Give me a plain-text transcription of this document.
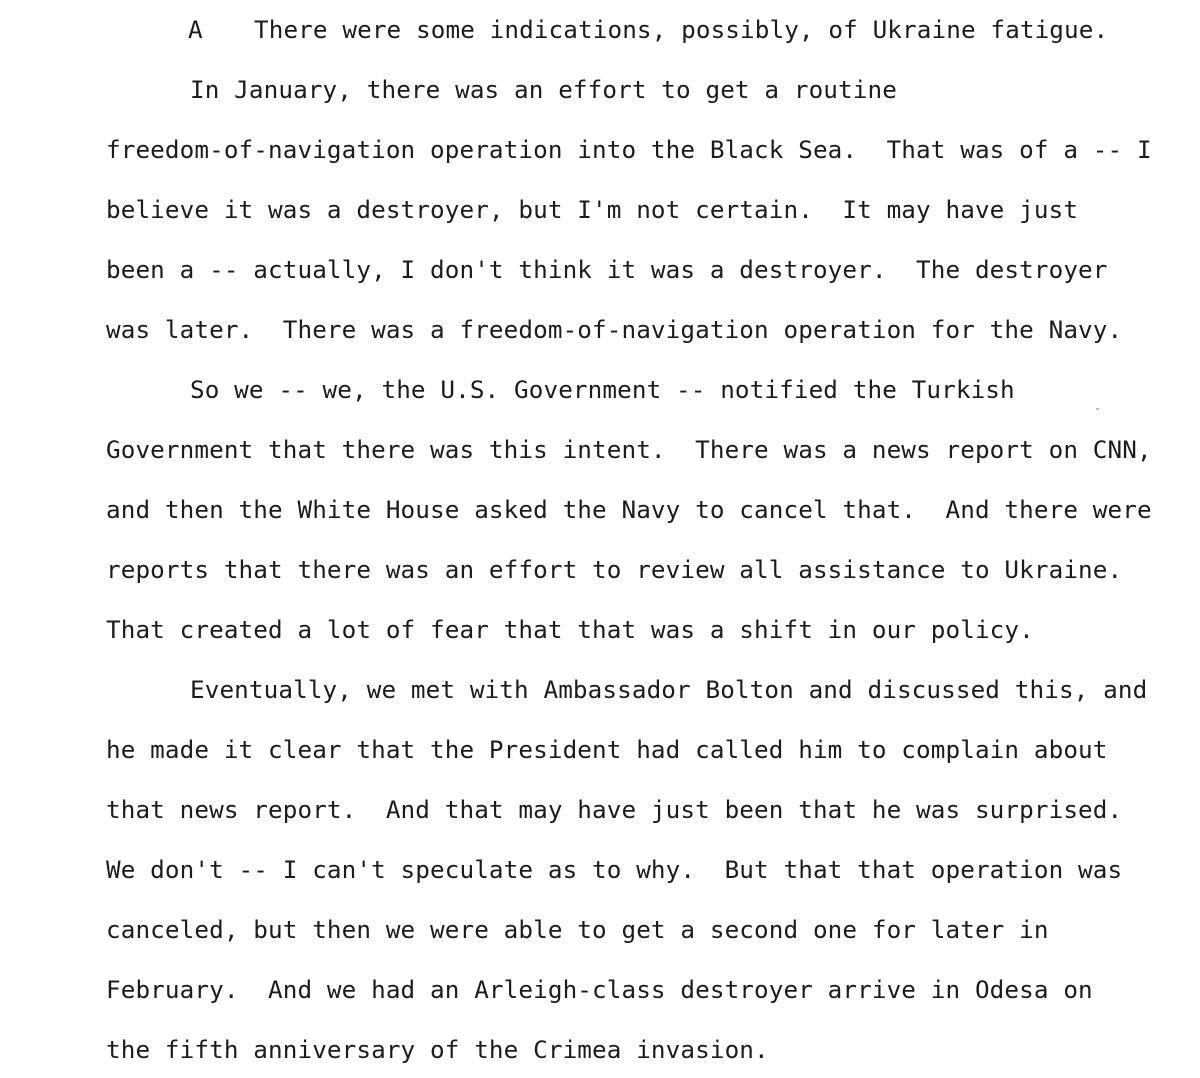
A	There were some indications, possibly, of Ukraine fatigue.
In January, there was an effort to get a routine
freedom-of-navigation operation into the Black Sea.  That was of a -- I
believe it was a destroyer, but I'm not certain.  It may have just
been a -- actually, I don't think it was a destroyer.  The destroyer
was later.  There was a freedom-of-navigation operation for the Navy.
So we -- we, the U.S. Government -- notified the Turkish
Government that there was this intent.  There was a news report on CNN,
and then the White House asked the Navy to cancel that.  And there were
reports that there was an effort to review all assistance to Ukraine.
That created a lot of fear that that was a shift in our policy.
Eventually, we met with Ambassador Bolton and discussed this, and
he made it clear that the President had called him to complain about
that news report.  And that may have just been that he was surprised.
We don't -- I can't speculate as to why.  But that that operation was
canceled, but then we were able to get a second one for later in
February.  And we had an Arleigh-class destroyer arrive in Odesa on
the fifth anniversary of the Crimea invasion.
